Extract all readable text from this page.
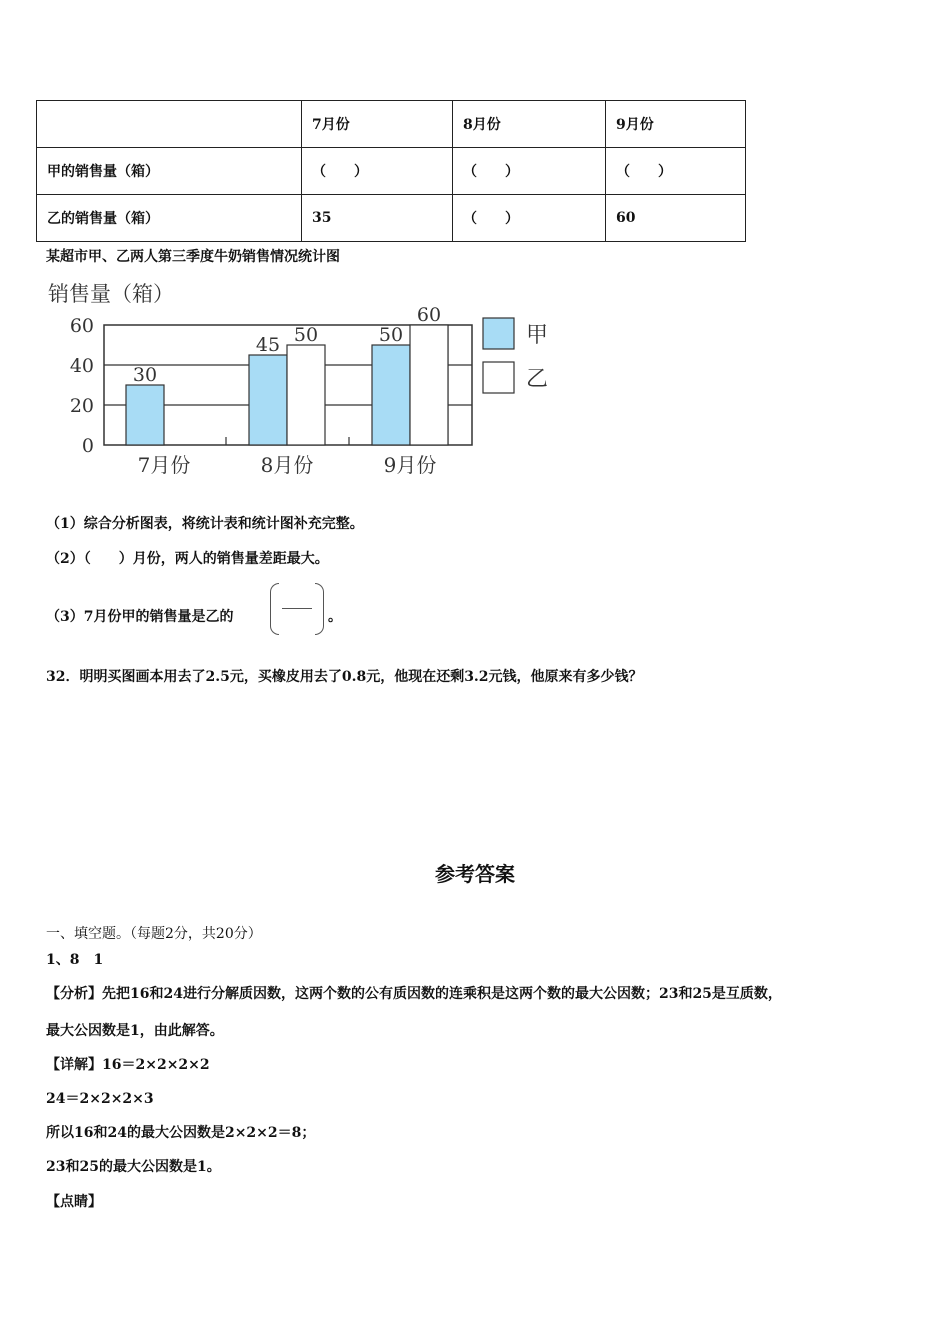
	7月份	8月份	9月份
甲的销售量（箱）	（　　）	（　　）	（　　）
乙的销售量（箱）	35	（　　）	60
某超市甲、乙两人第三季度牛奶销售情况统计图
销售量（箱）
0
20
40
60
30
7月份
45 50
8月份
50
60
9月份
甲
乙
（1）综合分析图表，将统计表和统计图补充完整。
（2）（　　）月份，两人的销售量差距最大。
（3）7月份甲的销售量是乙的	。
32．明明买图画本用去了2.5元，买橡皮用去了0.8元，他现在还剩3.2元钱，他原来有多少钱？
参考答案
一、填空题。（每题2分，共20分）
1、8　1
【分析】先把16和24进行分解质因数，这两个数的公有质因数的连乘积是这两个数的最大公因数；23和25是互质数，
最大公因数是1，由此解答。
【详解】16＝2×2×2×2
24＝2×2×2×3
所以16和24的最大公因数是2×2×2＝8；
23和25的最大公因数是1。
【点睛】
